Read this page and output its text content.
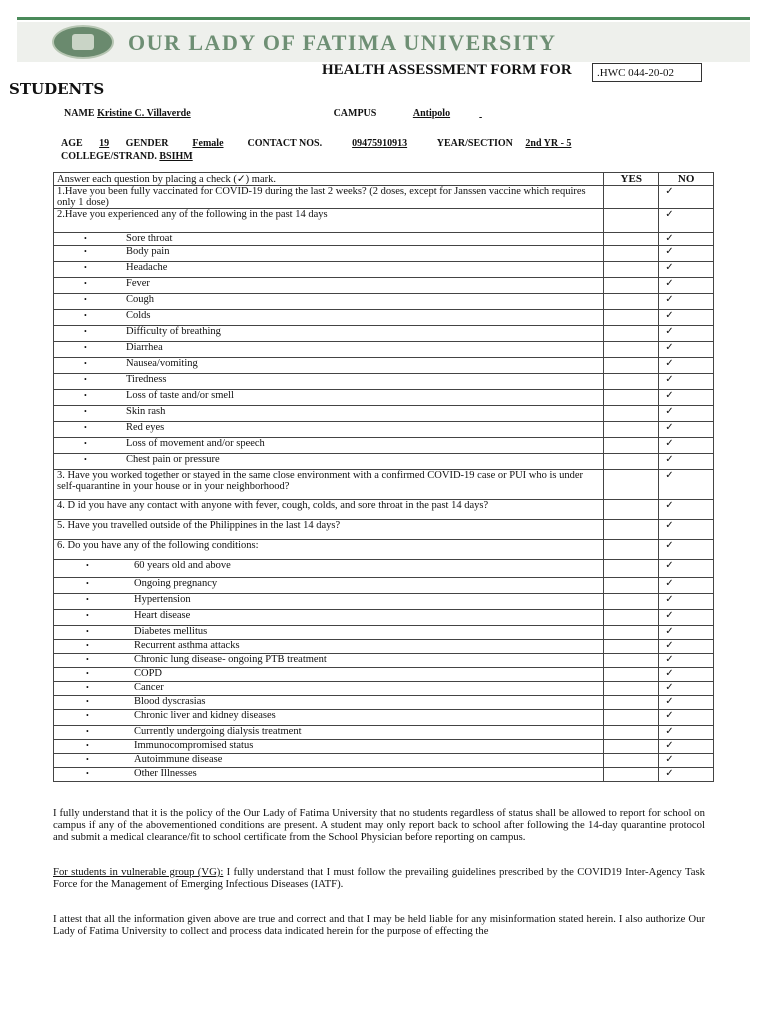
OUR LADY OF FATIMA UNIVERSITY
HEALTH ASSESSMENT FORM FOR	.HWC 044-20-02
STUDENTS
NAME Kristine C. Villaverde	CAMPUS	Antipolo
AGE 19 GENDER Female CONTACT NOS.	09475910913	YEAR/SECTION 2nd YR - 5
COLLEGE/STRAND. BSIHM
Answer each question by placing a check (✓) mark.	YES	NO
1.Have you been fully vaccinated for COVID-19 during the last 2 weeks? (2 doses, except for Janssen vaccine which requires only 1 dose)		✓
2.Have you experienced any of the following in the past 14 days		✓
• Sore throat		✓
• Body pain		✓
• Headache		✓
• Fever		✓
• Cough		✓
• Colds		✓
• Difficulty of breathing		✓
• Diarrhea		✓
• Nausea/vomiting		✓
• Tiredness		✓
• Loss of taste and/or smell		✓
• Skin rash		✓
• Red eyes		✓
• Loss of movement and/or speech		✓
• Chest pain or pressure		✓
3. Have you worked together or stayed in the same close environment with a confirmed COVID-19 case or PUI who is under self-quarantine in your house or in your neighborhood?		✓
4. D id you have any contact with anyone with fever, cough, colds, and sore throat in the past 14 days?		✓
5. Have you travelled outside of the Philippines in the last 14 days?		✓
6. Do you have any of the following conditions:		✓
• 60 years old and above		✓
• Ongoing pregnancy		✓
• Hypertension		✓
• Heart disease		✓
• Diabetes mellitus		✓
• Recurrent asthma attacks		✓
• Chronic lung disease- ongoing PTB treatment		✓
• COPD		✓
• Cancer		✓
• Blood dyscrasias		✓
• Chronic liver and kidney diseases		✓
• Currently undergoing dialysis treatment		✓
• Immunocompromised status		✓
• Autoimmune disease		✓
• Other Illnesses		✓
I fully understand that it is the policy of the Our Lady of Fatima University that no students regardless of status shall be allowed to report for school on campus if any of the abovementioned conditions are present. A student may only report back to school after following the 14-day quarantine protocol and submit a medical clearance/fit to school certificate from the School Physician before reporting on campus.
For students in vulnerable group (VG): I fully understand that I must follow the prevailing guidelines prescribed by the COVID19 Inter-Agency Task Force for the Management of Emerging Infectious Diseases (IATF).
I attest that all the information given above are true and correct and that I may be held liable for any misinformation stated herein. I also authorize Our Lady of Fatima University to collect and process data indicated herein for the purpose of effecting the
